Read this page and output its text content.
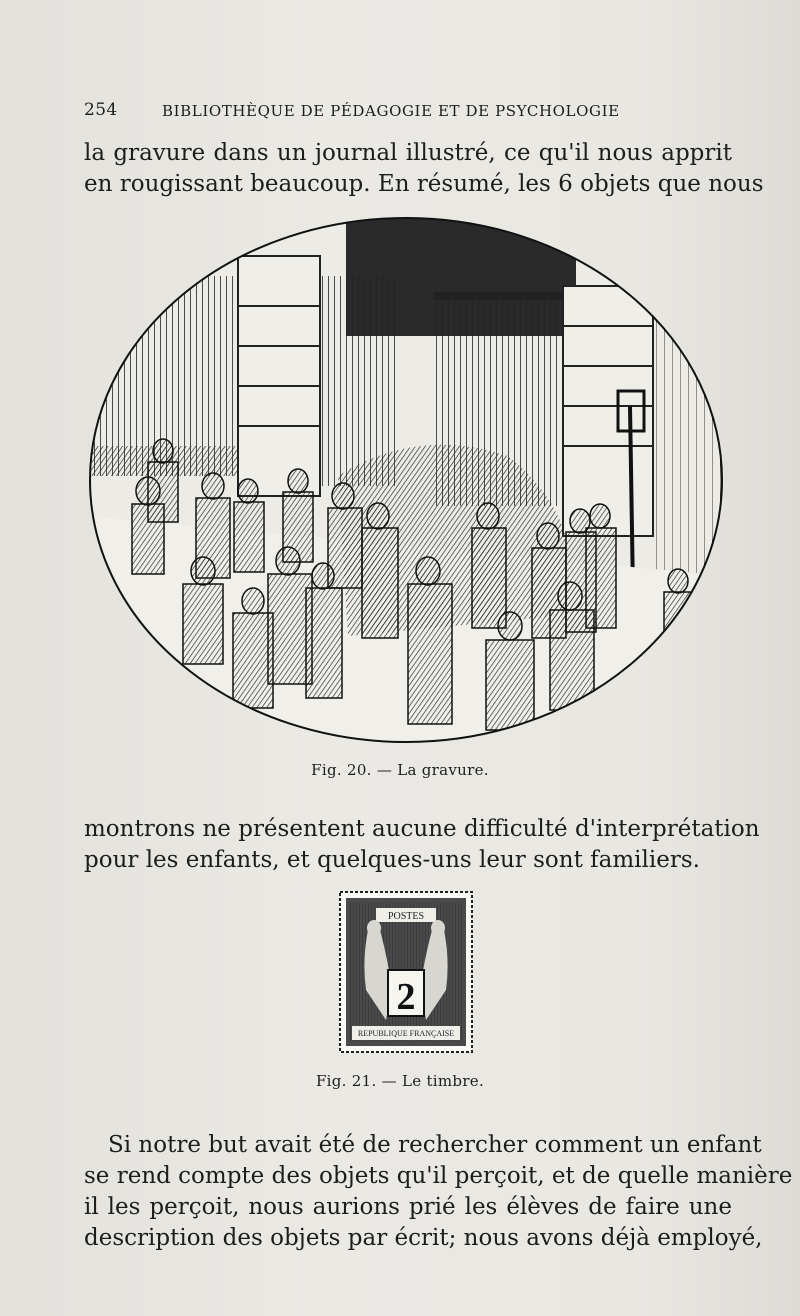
254	BIBLIOTHÈQUE DE PÉDAGOGIE ET DE PSYCHOLOGIE
la gravure dans un journal illustré, ce qu'il nous apprit
en rougissant beaucoup. En résumé, les 6 objets que nous
Fig. 20. — La gravure.
montrons ne présentent aucune difficulté d'interprétation
pour les enfants, et quelques-uns leur sont familiers.
POSTES
2
REPUBLIQUE FRANÇAISE
Fig. 21. — Le timbre.
Si notre but avait été de rechercher comment un enfant
se rend compte des objets qu'il perçoit, et de quelle manière
il les perçoit, nous aurions prié les élèves de faire une
description des objets par écrit; nous avons déjà employé,
